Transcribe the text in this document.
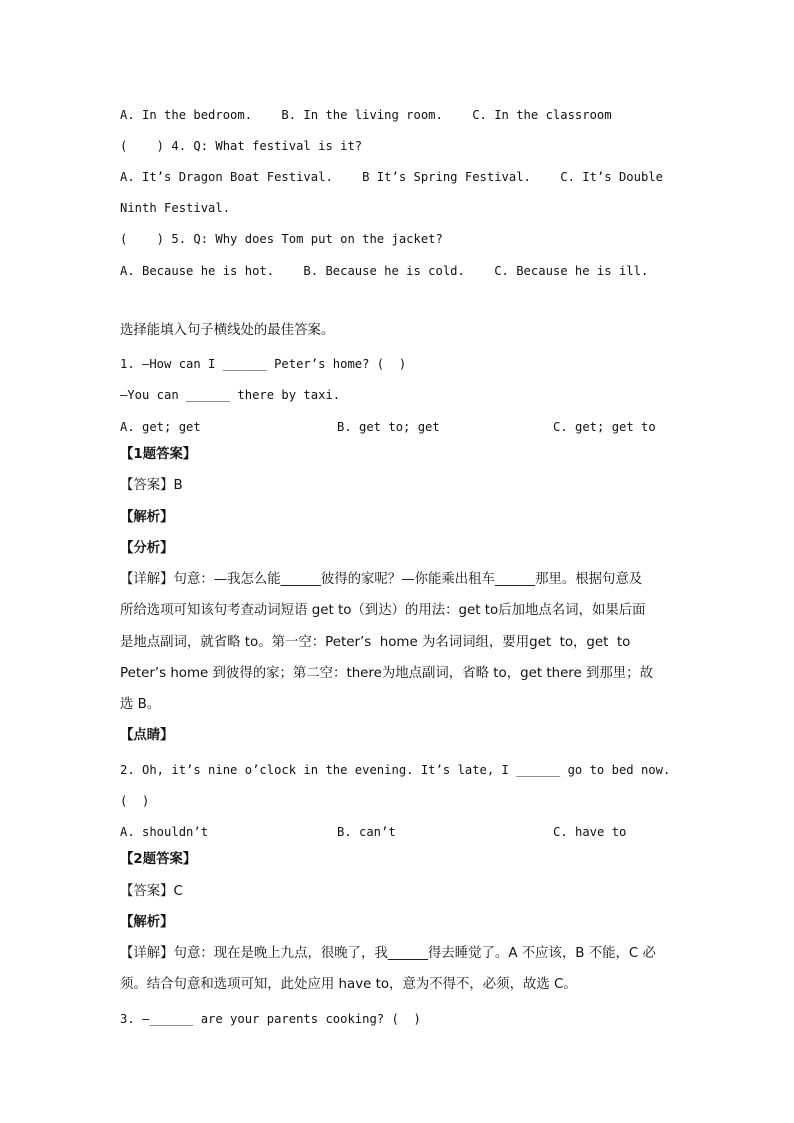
A. In the bedroom.    B. In the living room.    C. In the classroom
(    ) 4. Q: What festival is it?
A. It’s Dragon Boat Festival.    B It’s Spring Festival.    C. It’s Double
Ninth Festival.
(    ) 5. Q: Why does Tom put on the jacket?
A. Because he is hot.    B. Because he is cold.    C. Because he is ill.
选择能填入句子横线处的最佳答案。
1. —How can I ______ Peter’s home? (  )
—You can ______ there by taxi.
A. get; get	B. get to; get	C. get; get to
【1题答案】
【答案】B
【解析】
【分析】
【详解】句意：—我怎么能______彼得的家呢？—你能乘出租车______那里。根据句意及
所给选项可知该句考查动词短语 get to（到达）的用法：get to后加地点名词，如果后面
是地点副词，就省略 to。第一空：Peter’s  home 为名词词组，要用get  to，get  to
Peter’s home 到彼得的家；第二空：there为地点副词，省略 to，get there 到那里；故
选 B。
【点睛】
2. Oh, it’s nine o’clock in the evening. It’s late, I ______ go to bed now.
(  )
A. shouldn’t	B. can’t	C. have to
【2题答案】
【答案】C
【解析】
【详解】句意：现在是晚上九点，很晚了，我______得去睡觉了。A 不应该，B 不能，C 必
须。结合句意和选项可知，此处应用 have to，意为不得不，必须，故选 C。
3. —______ are your parents cooking? (  )
